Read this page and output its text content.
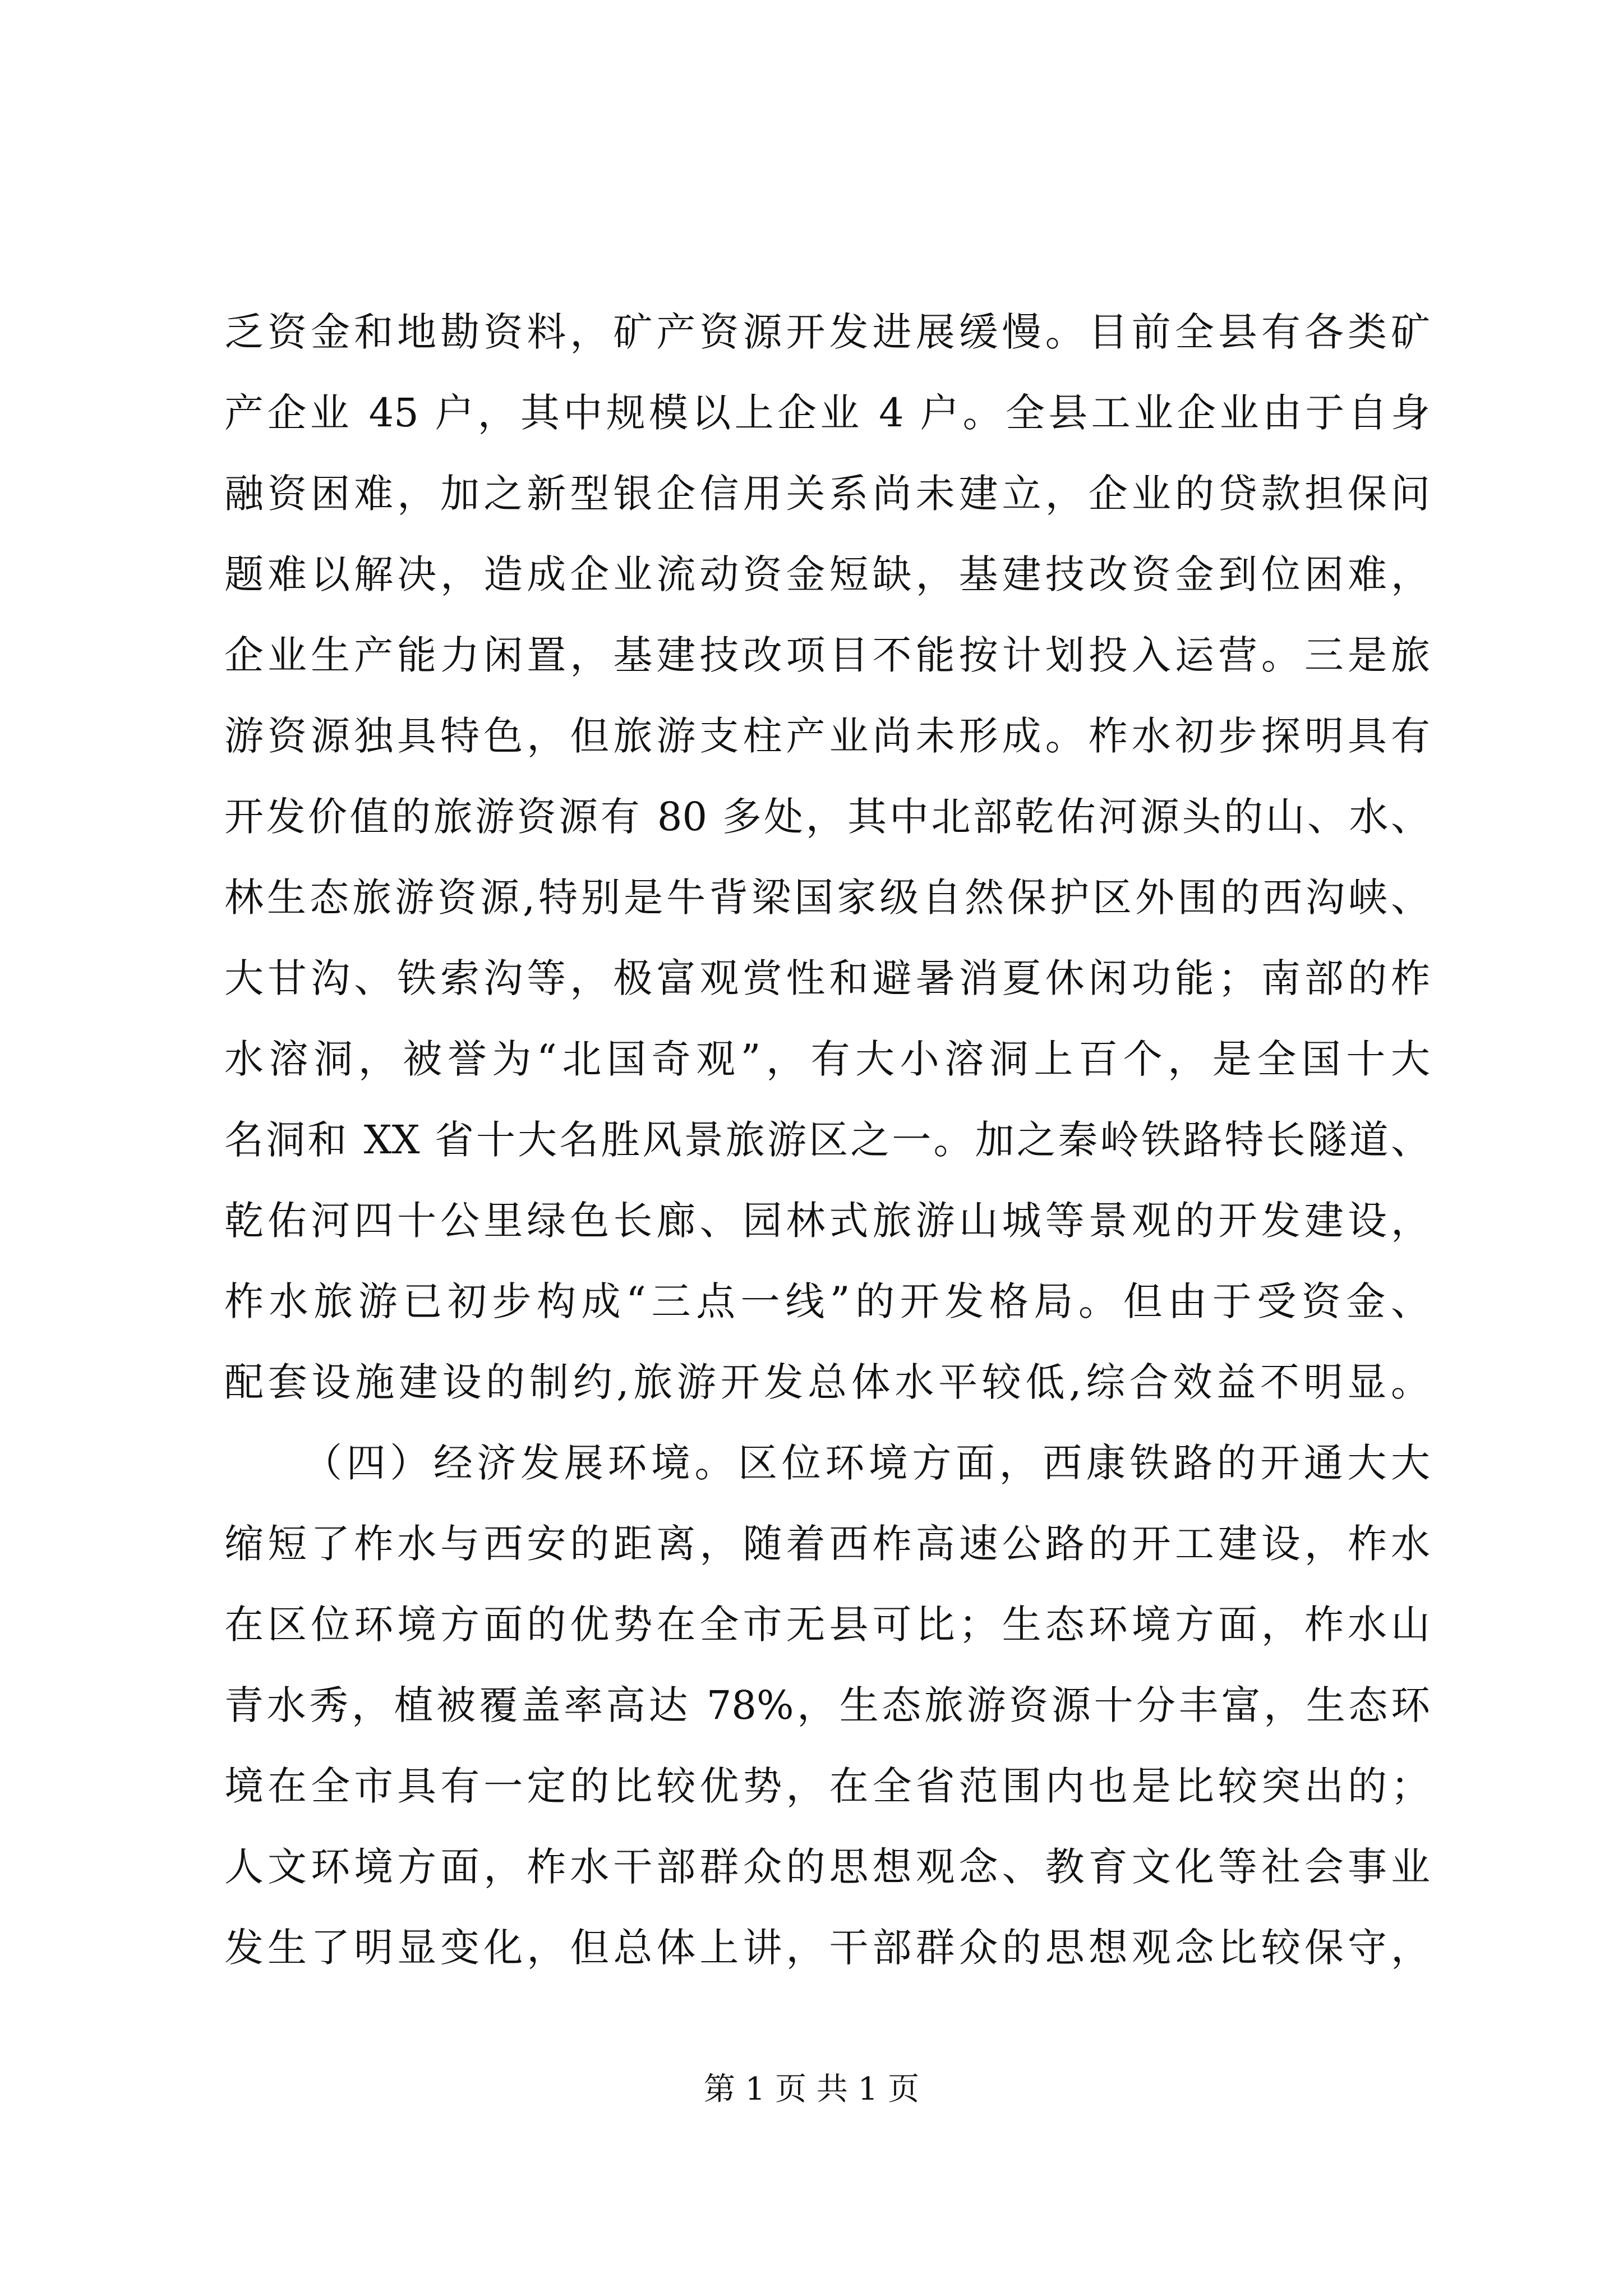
乏资金和地勘资料，矿产资源开发进展缓慢。目前全县有各类矿
产企业 45 户，其中规模以上企业 4 户。全县工业企业由于自身
融资困难，加之新型银企信用关系尚未建立，企业的贷款担保问
题难以解决，造成企业流动资金短缺，基建技改资金到位困难，
企业生产能力闲置，基建技改项目不能按计划投入运营。三是旅
游资源独具特色，但旅游支柱产业尚未形成。柞水初步探明具有
开发价值的旅游资源有 80 多处，其中北部乾佑河源头的山、水、
林生态旅游资源,特别是牛背梁国家级自然保护区外围的西沟峡、
大甘沟、铁索沟等，极富观赏性和避暑消夏休闲功能；南部的柞
水溶洞，被誉为“北国奇观”，有大小溶洞上百个，是全国十大
名洞和 XX 省十大名胜风景旅游区之一。加之秦岭铁路特长隧道、
乾佑河四十公里绿色长廊、园林式旅游山城等景观的开发建设，
柞水旅游已初步构成“三点一线”的开发格局。但由于受资金、
配套设施建设的制约,旅游开发总体水平较低,综合效益不明显。
（四）经济发展环境。区位环境方面，西康铁路的开通大大
缩短了柞水与西安的距离，随着西柞高速公路的开工建设，柞水
在区位环境方面的优势在全市无县可比；生态环境方面，柞水山
青水秀，植被覆盖率高达 78%，生态旅游资源十分丰富，生态环
境在全市具有一定的比较优势，在全省范围内也是比较突出的；
人文环境方面，柞水干部群众的思想观念、教育文化等社会事业
发生了明显变化，但总体上讲，干部群众的思想观念比较保守，
第 1 页 共 1 页
